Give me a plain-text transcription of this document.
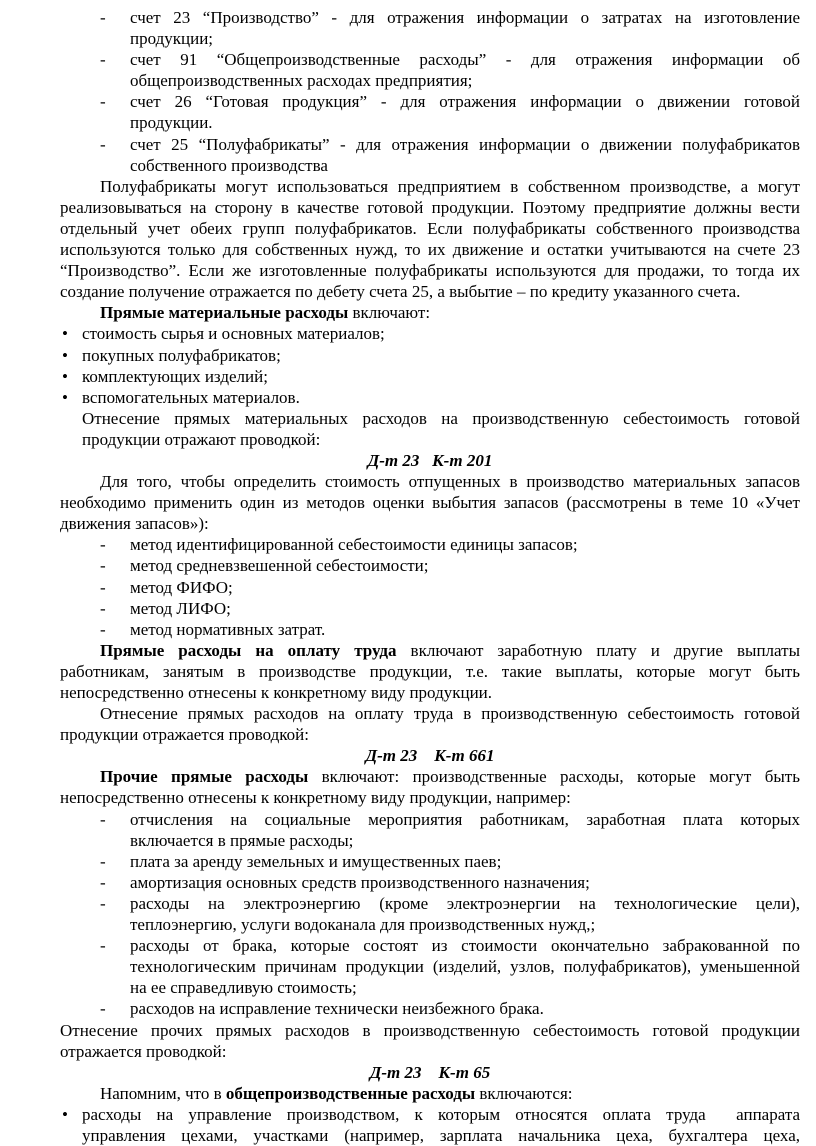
- счет 23 “Производство” - для отражения информации о затратах на изготовление
продукции;
- счет 91 “Общепроизводственные расходы” - для отражения информации об
общепроизводственных расходах предприятия;
- счет 26 “Готовая продукция” - для отражения информации о движении готовой
продукции.
- счет 25 “Полуфабрикаты” - для отражения информации о движении полуфабрикатов
собственного производства
Полуфабрикаты могут использоваться предприятием в собственном производстве, а могут
реализовываться на сторону в качестве готовой продукции. Поэтому предприятие должны вести
отдельный учет обеих групп полуфабрикатов. Если полуфабрикаты собственного производства
используются только для собственных нужд, то их движение и остатки учитываются на счете 23
“Производство”. Если же изготовленные полуфабрикаты используются для продажи, то тогда их
создание получение отражается по дебету счета 25, а выбытие – по кредиту указанного счета.
Прямые материальные расходы включают:
• стоимость сырья и основных материалов;
• покупных полуфабрикатов;
• комплектующих изделий;
• вспомогательных материалов.
Отнесение прямых материальных расходов на производственную себестоимость готовой
продукции отражают проводкой:
Д-т 23   К-т 201
Для того, чтобы определить стоимость отпущенных в производство материальных запасов
необходимо применить один из методов оценки выбытия запасов (рассмотрены в теме 10 «Учет
движения запасов»):
- метод идентифицированной себестоимости единицы запасов;
- метод средневзвешенной себестоимости;
- метод ФИФО;
- метод ЛИФО;
- метод нормативных затрат.
Прямые расходы на оплату труда включают заработную плату и другие выплаты
работникам, занятым в производстве продукции, т.е. такие выплаты, которые могут быть
непосредственно отнесены к конкретному виду продукции.
Отнесение прямых расходов на оплату труда в производственную себестоимость готовой
продукции отражается проводкой:
Д-т 23    К-т 661
Прочие прямые расходы включают: производственные расходы, которые могут быть
непосредственно отнесены к конкретному виду продукции, например:
- отчисления на социальные мероприятия работникам, заработная плата которых
включается в прямые расходы;
- плата за аренду земельных и имущественных паев;
- амортизация основных средств производственного назначения;
- расходы на электроэнергию (кроме электроэнергии на технологические цели),
теплоэнергию, услуги водоканала для производственных нужд,;
- расходы от брака, которые состоят из стоимости окончательно забракованной по
технологическим причинам продукции (изделий, узлов, полуфабрикатов), уменьшенной
на ее справедливую стоимость;
- расходов на исправление технически неизбежного брака.
Отнесение прочих прямых расходов в производственную себестоимость готовой продукции
отражается проводкой:
Д-т 23    К-т 65
Напомним, что в общепроизводственные расходы включаются:
• расходы на управление производством, к которым относятся оплата труда  аппарата
управления цехами, участками (например, зарплата начальника цеха, бухгалтера цеха,
